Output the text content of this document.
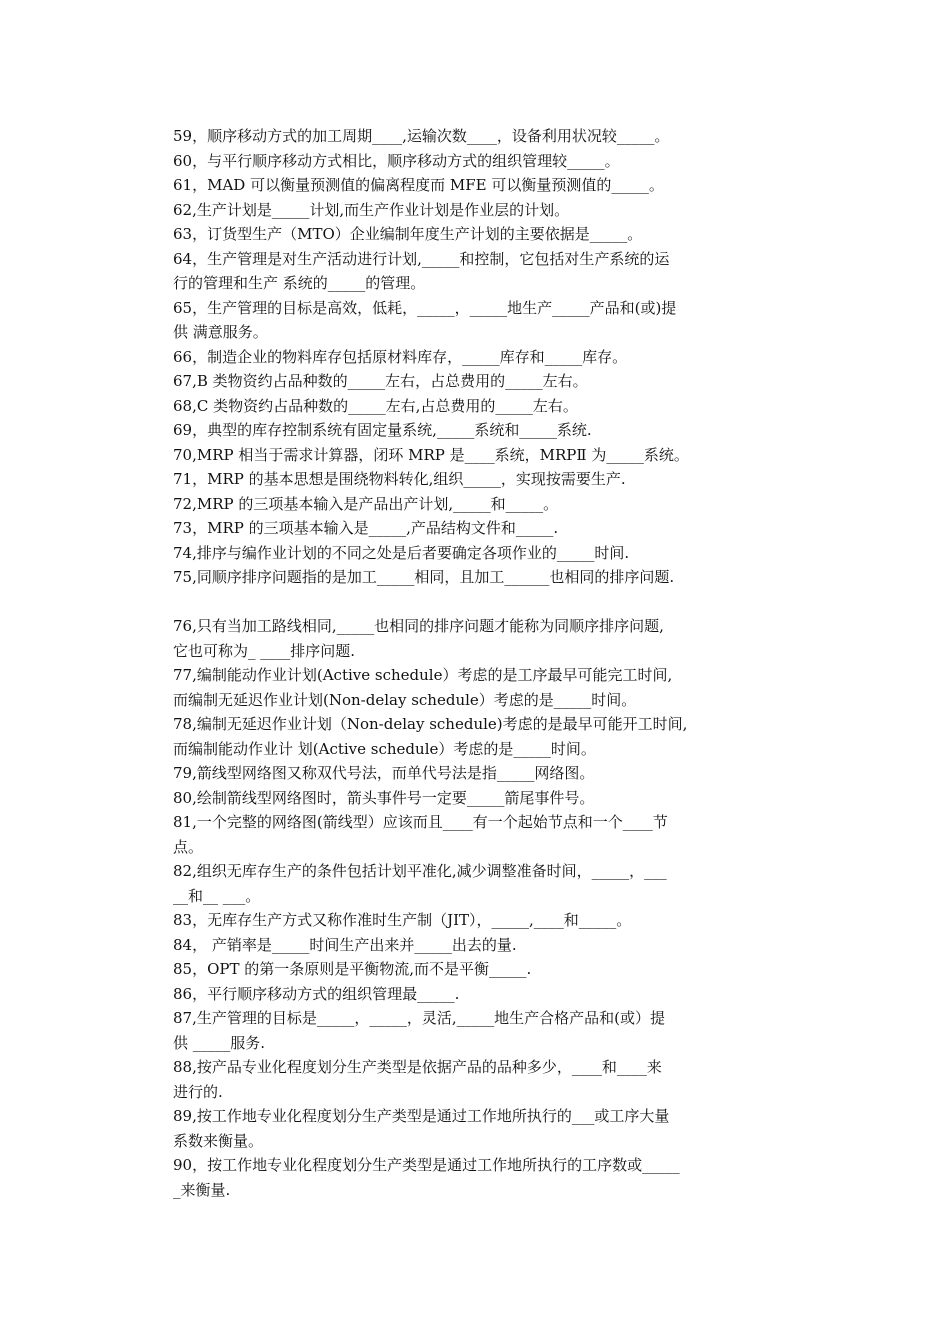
59，顺序移动方式的加工周期____,运输次数____，设备利用状况较_____。
60，与平行顺序移动方式相比，顺序移动方式的组织管理较_____。
61，MAD 可以衡量预测值的偏离程度而 MFE 可以衡量预测值的_____。
62,生产计划是_____计划,而生产作业计划是作业层的计划。
63，订货型生产（MTO）企业编制年度生产计划的主要依据是_____。
64，生产管理是对生产活动进行计划,_____和控制，它包括对生产系统的运
行的管理和生产 系统的_____的管理。
65，生产管理的目标是高效，低耗，_____，_____地生产_____产品和(或)提
供 满意服务。
66，制造企业的物料库存包括原材料库存，_____库存和_____库存。
67,B 类物资约占品种数的_____左右，占总费用的_____左右。
68,C 类物资约占品种数的_____左右,占总费用的_____左右。
69，典型的库存控制系统有固定量系统,_____系统和_____系统.
70,MRP 相当于需求计算器，闭环 MRP 是____系统，MRPⅡ 为_____系统。
71，MRP 的基本思想是围绕物料转化,组织_____，实现按需要生产.
72,MRP 的三项基本输入是产品出产计划,_____和_____。
73，MRP 的三项基本输入是_____,产品结构文件和_____.
74,排序与编作业计划的不同之处是后者要确定各项作业的_____时间.
75,同顺序排序问题指的是加工_____相同，且加工______也相同的排序问题.
76,只有当加工路线相同,_____也相同的排序问题才能称为同顺序排序问题,
它也可称为_ ____排序问题.
77,编制能动作业计划(Active schedule）考虑的是工序最早可能完工时间,
而编制无延迟作业计划(Non-delay schedule）考虑的是_____时间。
78,编制无延迟作业计划（Non-delay schedule)考虑的是最早可能开工时间,
而编制能动作业计 划(Active schedule）考虑的是_____时间。
79,箭线型网络图又称双代号法，而单代号法是指_____网络图。
80,绘制箭线型网络图时，箭头事件号一定要_____箭尾事件号。
81,一个完整的网络图(箭线型）应该而且____有一个起始节点和一个____节
点。
82,组织无库存生产的条件包括计划平准化,减少调整准备时间，_____，___
__和__ ___。
83，无库存生产方式又称作准时生产制（JIT），_____,____和_____。
84， 产销率是_____时间生产出来并_____出去的量.
85，OPT 的第一条原则是平衡物流,而不是平衡_____.
86，平行顺序移动方式的组织管理最_____.
87,生产管理的目标是_____，_____，灵活,_____地生产合格产品和(或）提
供 _____服务.
88,按产品专业化程度划分生产类型是依据产品的品种多少，____和____来
进行的.
89,按工作地专业化程度划分生产类型是通过工作地所执行的___或工序大量
系数来衡量。
90，按工作地专业化程度划分生产类型是通过工作地所执行的工序数或_____
_来衡量.
